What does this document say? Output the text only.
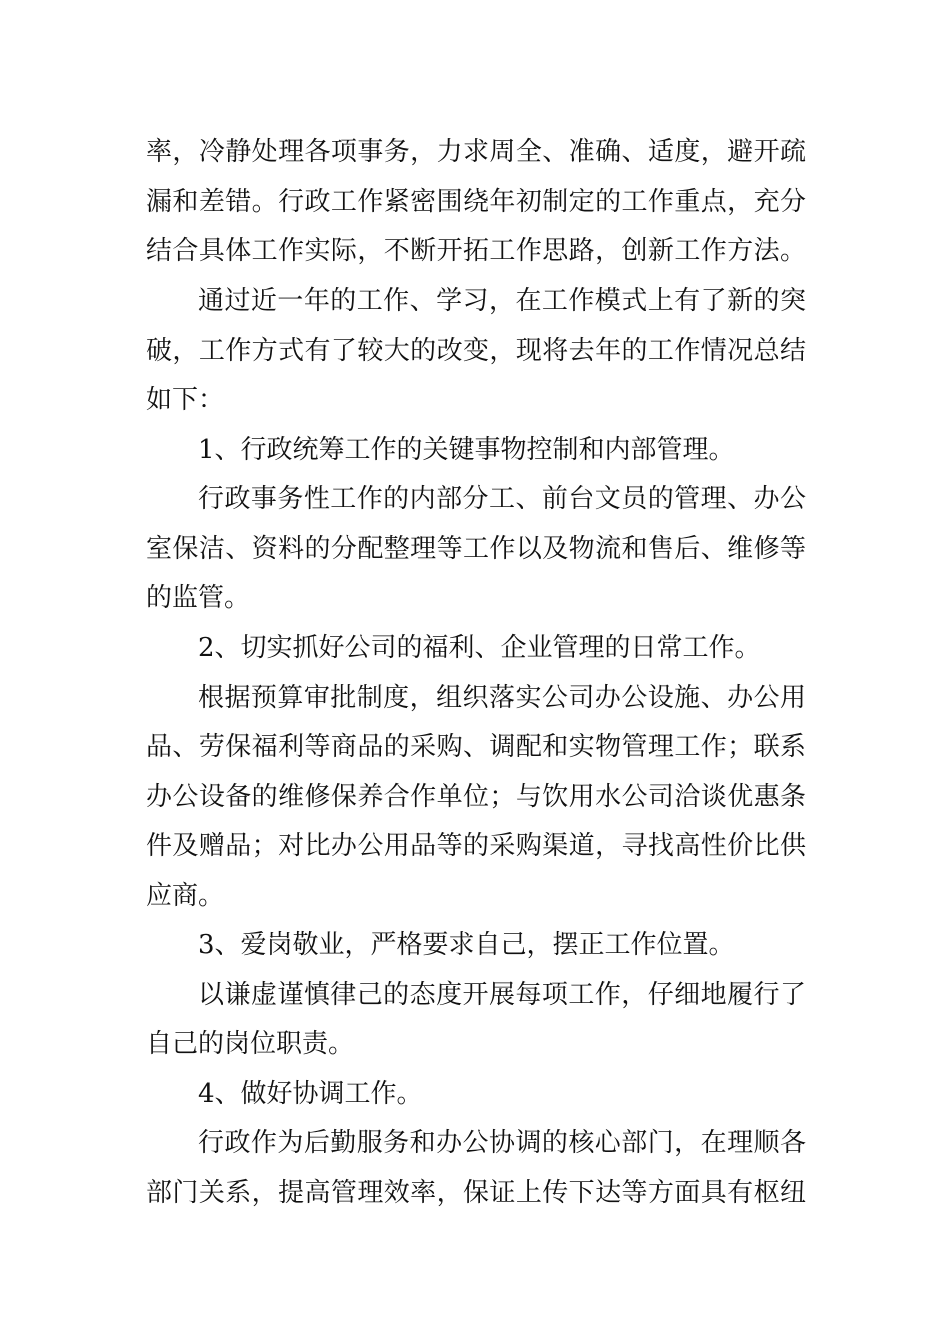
率，冷静处理各项事务，力求周全、准确、适度，避开疏
漏和差错。行政工作紧密围绕年初制定的工作重点，充分
结合具体工作实际，不断开拓工作思路，创新工作方法。
通过近一年的工作、学习，在工作模式上有了新的突
破，工作方式有了较大的改变，现将去年的工作情况总结
如下：
1、行政统筹工作的关键事物控制和内部管理。
行政事务性工作的内部分工、前台文员的管理、办公
室保洁、资料的分配整理等工作以及物流和售后、维修等
的监管。
2、切实抓好公司的福利、企业管理的日常工作。
根据预算审批制度，组织落实公司办公设施、办公用
品、劳保福利等商品的采购、调配和实物管理工作；联系
办公设备的维修保养合作单位；与饮用水公司洽谈优惠条
件及赠品；对比办公用品等的采购渠道，寻找高性价比供
应商。
3、爱岗敬业，严格要求自己，摆正工作位置。
以谦虚谨慎律己的态度开展每项工作，仔细地履行了
自己的岗位职责。
4、做好协调工作。
行政作为后勤服务和办公协调的核心部门，在理顺各
部门关系，提高管理效率，保证上传下达等方面具有枢纽
